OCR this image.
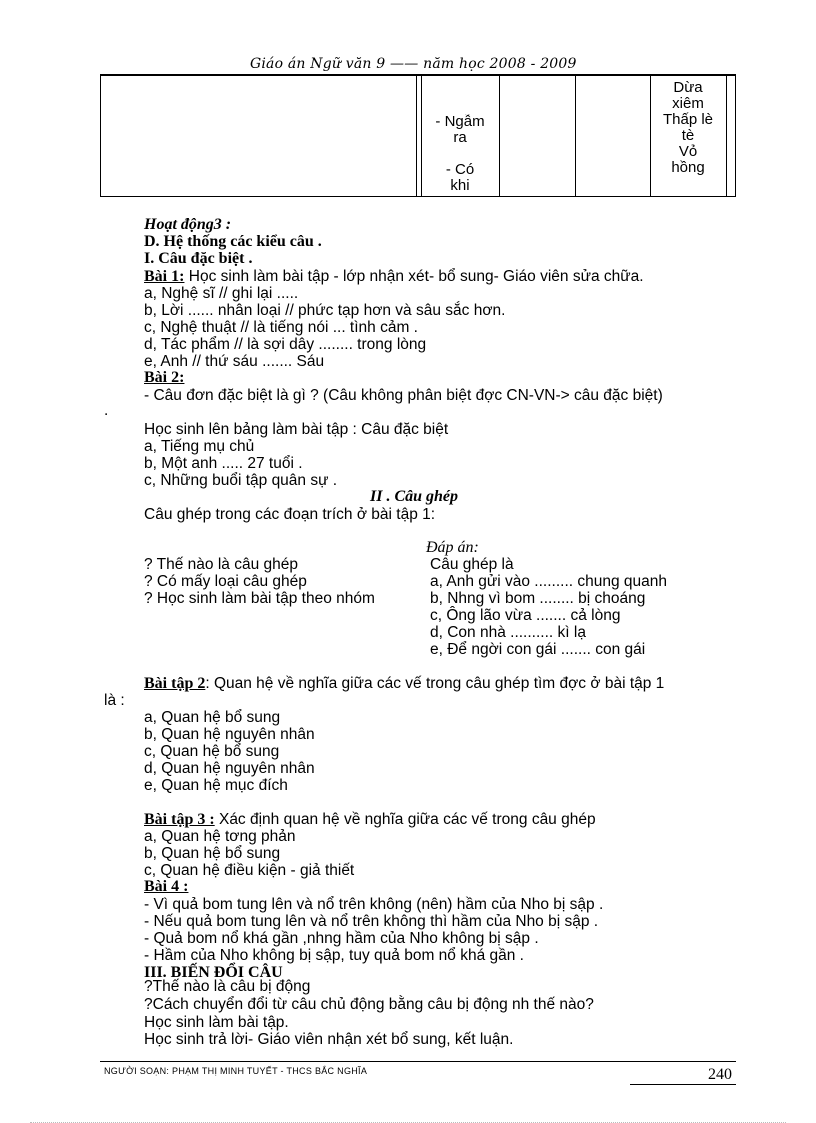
Giáo án Ngữ văn 9 —— năm học 2008 - 2009
- Ngẫm
ra
- Có
khi
Dừa
xiêm
Thấp lè
tè
Vỏ
hồng
Hoạt động3 :
D. Hệ thống các kiểu câu .
I. Câu đặc biệt .
Bài 1: Học sinh làm bài tập - lớp nhận xét- bổ sung- Giáo viên sửa chữa.
a, Nghệ sĩ // ghi lại .....
b, Lời ...... nhân loại // phức tạp hơn và sâu sắc hơn.
c, Nghệ thuật // là tiếng nói ... tình cảm .
d, Tác phẩm // là sợi dây ........ trong lòng
e, Anh // thứ sáu ....... Sáu
Bài 2:
- Câu đơn đặc biệt là gì ? (Câu không phân biệt đợc CN-VN-> câu đặc biệt)
.
Học sinh lên bảng làm bài tập : Câu đặc biệt
a, Tiếng mụ chủ
b, Một anh ..... 27 tuổi .
c, Những buổi tập quân sự .
II . Câu ghép
Câu ghép trong các đoạn trích ở bài tập 1:
Đáp án:
? Thế nào là câu ghép
? Có mấy loại câu ghép
? Học sinh làm bài tập theo nhóm
Câu ghép là
a, Anh gửi vào ......... chung quanh
b, Nhng vì bom ........ bị choáng
c, Ông lão vừa ....... cả lòng
d, Con nhà .......... kì lạ
e, Để ngời con gái ....... con gái
Bài tập 2: Quan hệ về nghĩa giữa các vế trong câu ghép tìm đợc ở bài tập 1
là :
a, Quan hệ bổ sung
b, Quan hệ nguyên nhân
c, Quan hệ bổ sung
d, Quan hệ nguyên nhân
e, Quan hệ mục đích
Bài tập 3 : Xác định quan hệ về nghĩa giữa các vế trong câu ghép
a, Quan hệ tơng phản
b, Quan hệ bổ sung
c, Quan hệ điều kiện - giả thiết
Bài 4 :
- Vì quả bom tung lên và nổ trên không (nên) hầm của Nho bị sập .
- Nếu quả bom tung lên và nổ trên không thì hầm của Nho bị sập .
- Quả bom nổ khá gần ,nhng hầm của Nho không bị sập .
- Hầm của Nho không bị sập, tuy quả bom nổ khá gần .
III. BIẾN ĐỔI CÂU
?Thế nào là câu bị động
?Cách chuyển đổi từ câu chủ động bằng câu bị động nh thế nào?
Học sinh làm bài tập.
Học sinh trả lời- Giáo viên nhận xét bổ sung, kết luận.
NGƯỜI SOẠN: PHẠM THỊ MINH TUYẾT - THCS BẮC NGHĨA	240
